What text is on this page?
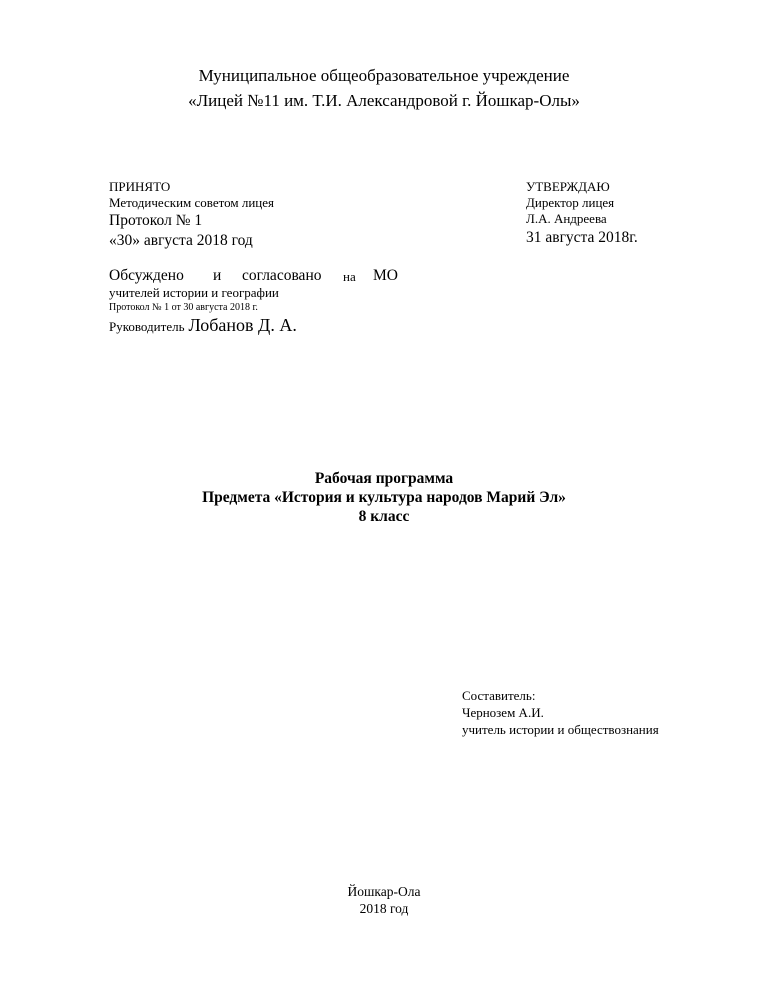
Муниципальное общеобразовательное учреждение
«Лицей №11 им. Т.И. Александровой г. Йошкар-Олы»
ПРИНЯТО
Методическим советом лицея
Протокол № 1
«30» августа 2018 год
УТВЕРЖДАЮ
Директор лицея
Л.А. Андреева
31 августа 2018г.
Обсуждено и согласовано на МО
учителей истории и географии
Протокол № 1 от 30 августа 2018 г.
Руководитель Лобанов Д. А.
Рабочая программа
Предмета «История и культура народов Марий Эл»
8 класс
Составитель:
Чернозем А.И.
учитель истории и обществознания
Йошкар-Ола
2018 год
